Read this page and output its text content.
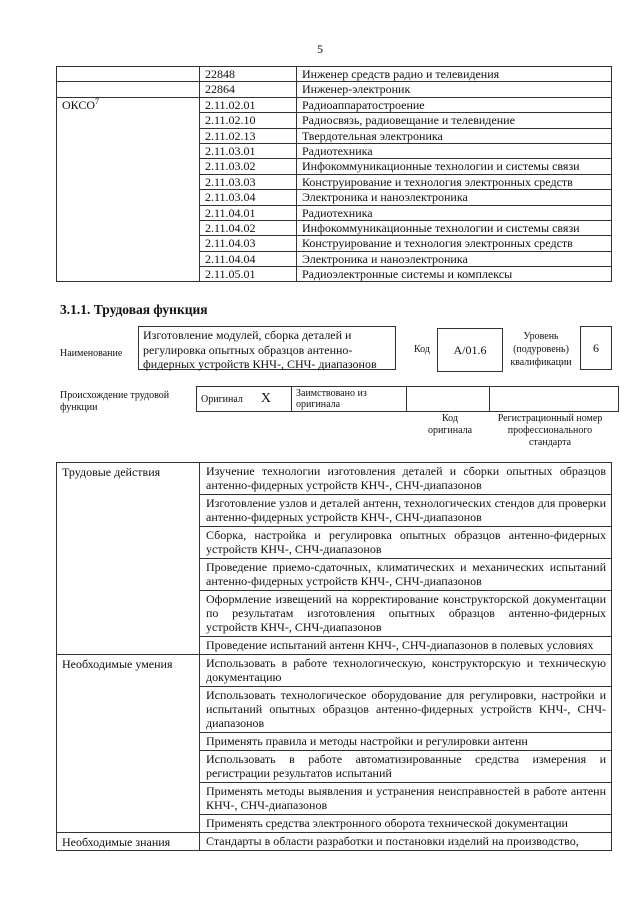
5
	22848	Инженер средств радио и телевидения
	22864	Инженер-электроник
ОКСО$^7$	2.11.02.01	Радиоаппаратостроение
	2.11.02.10	Радиосвязь, радиовещание и телевидение
	2.11.02.13	Твердотельная электроника
	2.11.03.01	Радиотехника
	2.11.03.02	Инфокоммуникационные технологии и системы связи
	2.11.03.03	Конструирование и технология электронных средств
	2.11.03.04	Электроника и наноэлектроника
	2.11.04.01	Радиотехника
	2.11.04.02	Инфокоммуникационные технологии и системы связи
	2.11.04.03	Конструирование и технология электронных средств
	2.11.04.04	Электроника и наноэлектроника
	2.11.05.01	Радиоэлектронные системы и комплексы
3.1.1. Трудовая функция
Наименование
Изготовление модулей, сборка деталей и регулировка опытных образцов антенно-фидерных устройств КНЧ-, СНЧ- диапазонов
Код	A/01.6
Уровень (подуровень) квалификации
6
Происхождение трудовой функции
Оригинал X	Заимствовано из оригинала		
Код оригинала
Регистрационный номер профессионального стандарта
Трудовые действия	Изучение технологии изготовления деталей и сборки опытных образцов антенно-фидерных устройств КНЧ-, СНЧ-диапазонов
	Изготовление узлов и деталей антенн, технологических стендов для проверки антенно-фидерных устройств КНЧ-, СНЧ-диапазонов
	Сборка, настройка и регулировка опытных образцов антенно-фидерных устройств КНЧ-, СНЧ-диапазонов
	Проведение приемо-сдаточных, климатических и механических испытаний антенно-фидерных устройств КНЧ-, СНЧ-диапазонов
	Оформление извещений на корректирование конструкторской документации по результатам изготовления опытных образцов антенно-фидерных устройств КНЧ-, СНЧ-диапазонов
	Проведение испытаний антенн КНЧ-, СНЧ-диапазонов в полевых условиях
Необходимые умения	Использовать в работе технологическую, конструкторскую и техническую документацию
	Использовать технологическое оборудование для регулировки, настройки и испытаний опытных образцов антенно-фидерных устройств КНЧ-, СНЧ-диапазонов
	Применять правила и методы настройки и регулировки антенн
	Использовать в работе автоматизированные средства измерения и регистрации результатов испытаний
	Применять методы выявления и устранения неисправностей в работе антенн КНЧ-, СНЧ-диапазонов
	Применять средства электронного оборота технической документации
Необходимые знания	Стандарты в области разработки и постановки изделий на производство,
